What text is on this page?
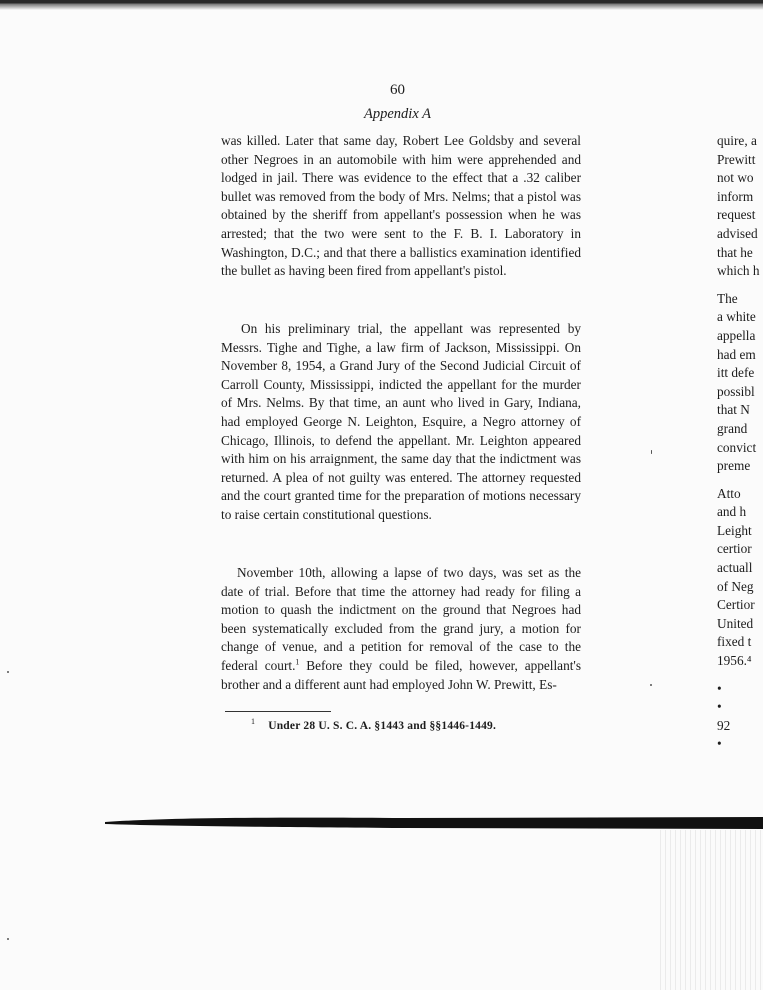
60
Appendix A

was killed. Later that same day, Robert Lee Goldsby and several other Negroes in an automobile with him were apprehended and lodged in jail. There was evidence to the effect that a .32 caliber bullet was removed from the body of Mrs. Nelms; that a pistol was obtained by the sheriff from appellant's possession when he was arrested; that the two were sent to the F. B. I. Laboratory in Washington, D.C.; and that there a ballistics examination identified the bullet as having been fired from appellant's pistol.

On his preliminary trial, the appellant was represented by Messrs. Tighe and Tighe, a law firm of Jackson, Mississippi. On November 8, 1954, a Grand Jury of the Second Judicial Circuit of Carroll County, Mississippi, indicted the appellant for the murder of Mrs. Nelms. By that time, an aunt who lived in Gary, Indiana, had employed George N. Leighton, Esquire, a Negro attorney of Chicago, Illinois, to defend the appellant. Mr. Leighton appeared with him on his arraignment, the same day that the indictment was returned. A plea of not guilty was entered. The attorney requested and the court granted time for the preparation of motions necessary to raise certain constitutional questions.

November 10th, allowing a lapse of two days, was set as the date of trial. Before that time the attorney had ready for filing a motion to quash the indictment on the ground that Negroes had been systematically excluded from the grand jury, a motion for change of venue, and a petition for removal of the case to the federal court.$^1$ Before they could be filed, however, appellant's brother and a different aunt had employed John W. Prewitt, Es-

$^1$ Under 28 U. S. C. A. §1443 and §§1446-1449.
quire, a
Prewitt
not wo
inform
request
advised
that he
which h
The
a white
appella
had em
itt defe
possibl
that N
grand
convict
preme
Atto
and h
Leight
certior
actuall
of Neg
Certior
United
fixed t
1956.⁴
•
•
92
•
